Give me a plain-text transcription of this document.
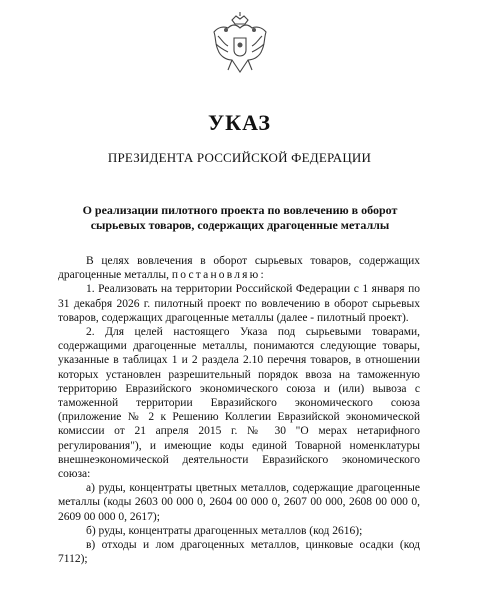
УКАЗ
ПРЕЗИДЕНТА РОССИЙСКОЙ ФЕДЕРАЦИИ
О реализации пилотного проекта по вовлечению в оборот
сырьевых товаров, содержащих драгоценные металлы

В целях вовлечения в оборот сырьевых товаров, содержащих драгоценные металлы, постановляю:

1. Реализовать на территории Российской Федерации с 1 января по 31 декабря 2026 г. пилотный проект по вовлечению в оборот сырьевых товаров, содержащих драгоценные металлы (далее - пилотный проект).

2. Для целей настоящего Указа под сырьевыми товарами, содержащими драгоценные металлы, понимаются следующие товары, указанные в таблицах 1 и 2 раздела 2.10 перечня товаров, в отношении которых установлен разрешительный порядок ввоза на таможенную территорию Евразийского экономического союза и (или) вывоза с таможенной территории Евразийского экономического союза (приложение № 2 к Решению Коллегии Евразийской экономической комиссии от 21 апреля 2015 г. № 30 "О мерах нетарифного регулирования"), и имеющие коды единой Товарной номенклатуры внешнеэкономической деятельности Евразийского экономического союза:

а) руды, концентраты цветных металлов, содержащие драгоценные металлы (коды 2603 00 000 0, 2604 00 000 0, 2607 00 000, 2608 00 000 0, 2609 00 000 0, 2617);

б) руды, концентраты драгоценных металлов (код 2616);

в) отходы и лом драгоценных металлов, цинковые осадки (код 7112);
